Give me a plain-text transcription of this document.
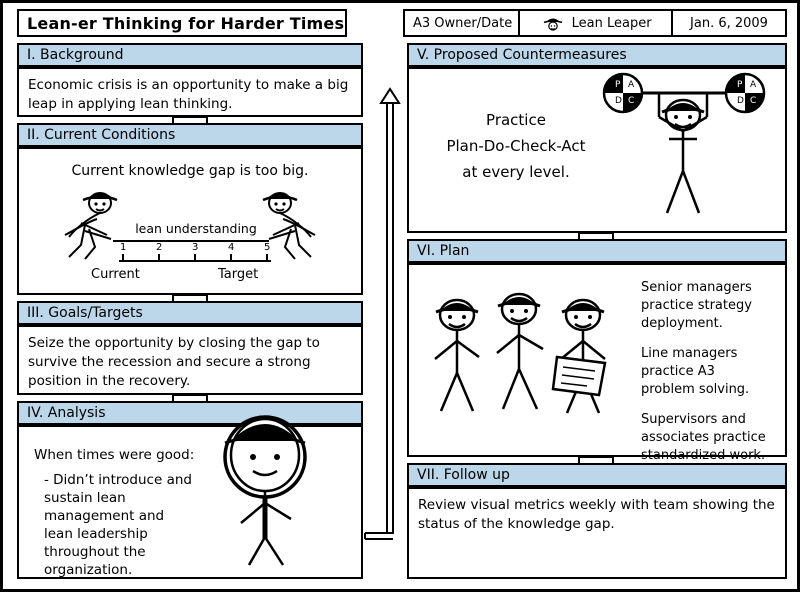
Lean-er Thinking for Harder Times	A3 Owner/Date	Lean Leaper	Jan. 6, 2009
I. Background
Economic crisis is an opportunity to make a big leap in applying lean thinking.
II. Current Conditions
Current knowledge gap is too big.
lean understanding
1	2	3	4	5
Current	Target
III. Goals/Targets
Seize the opportunity by closing the gap to survive the recession and secure a strong position in the recovery.
IV. Analysis
When times were good:
- Didn’t introduce and sustain lean management and lean leadership throughout the organization.
V. Proposed Countermeasures
Practice
Plan-Do-Check-Act
at every level.
P A
D C
P A
D C
VI. Plan

Senior managers practice strategy deployment.

Line managers practice A3 problem solving.

Supervisors and associates practice standardized work.

VII. Follow up
Review visual metrics weekly with team showing the status of the knowledge gap.
